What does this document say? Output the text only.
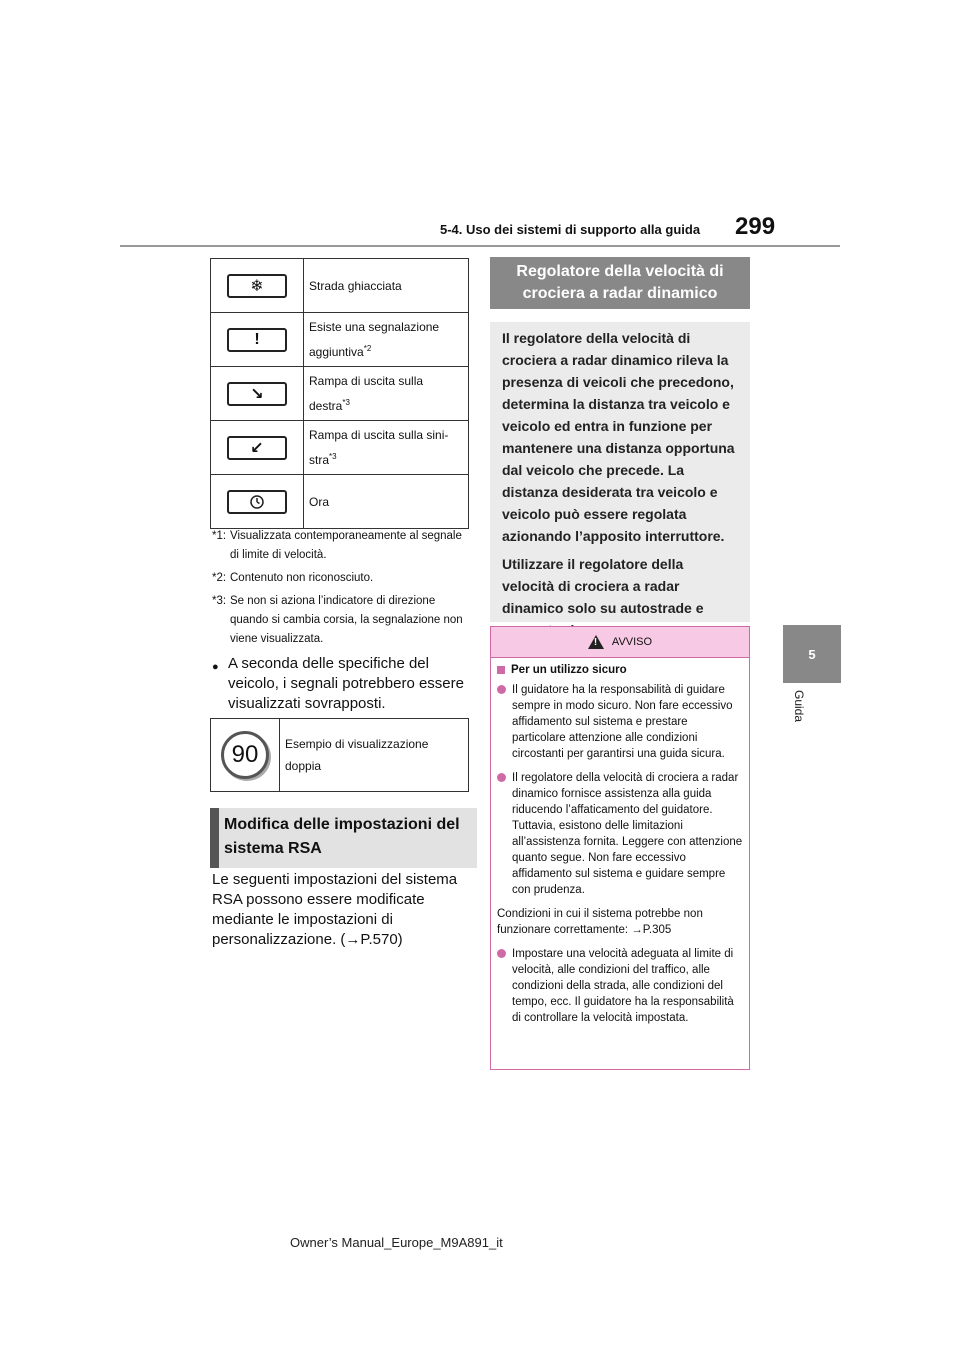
5-4. Uso dei sistemi di supporto alla guida 299
5
Guida
❄	Strada ghiacciata
!	Esiste una segnalazione
aggiuntiva$^{*2}$

↘	Rampa di uscita sulla
destra$^{*3}$

↙	Rampa di uscita sulla sini-
stra$^{*3}$

	Ora
*1: Visualizzata contemporaneamente al segnale di limite di velocità.
*2: Contenuto non riconosciuto.
*3: Se non si aziona l’indicatore di direzione quando si cambia corsia, la segnalazione non viene visualizzata.
● A seconda delle specifiche del veicolo, i segnali potrebbero essere visualizzati sovrapposti.
90	Esempio di visualizzazione doppia
Modifica delle impostazioni del sistema RSA
Le seguenti impostazioni del sistema RSA possono essere modificate mediante le impostazioni di personalizzazione. (→P.570)
Regolatore della velocità di crociera a radar dinamico

Il regolatore della velocità di crociera a radar dinamico rileva la presenza di veicoli che precedono, determina la distanza tra veicolo e veicolo ed entra in funzione per mantenere una distanza opportuna dal veicolo che precede. La distanza desiderata tra veicolo e veicolo può essere regolata azionando l’apposito interruttore.

Utilizzare il regolatore della velocità di crociera a radar dinamico solo su autostrade e

! AVVISO
Per un utilizzo sicuro
Il guidatore ha la responsabilità di guidare sempre in modo sicuro. Non fare eccessivo affidamento sul sistema e prestare particolare attenzione alle condizioni circostanti per garantirsi una guida sicura.
Il regolatore della velocità di crociera a radar dinamico fornisce assistenza alla guida riducendo l’affaticamento del guidatore. Tuttavia, esistono delle limitazioni all’assistenza fornita. Leggere con attenzione quanto segue. Non fare eccessivo affidamento sul sistema e guidare sempre con prudenza.
Condizioni in cui il sistema potrebbe non funzionare correttamente: →P.305
Impostare una velocità adeguata al limite di velocità, alle condizioni del traffico, alle condizioni della strada, alle condizioni del tempo, ecc. Il guidatore ha la responsabilità di controllare la velocità impostata.
Owner’s Manual_Europe_M9A891_it
